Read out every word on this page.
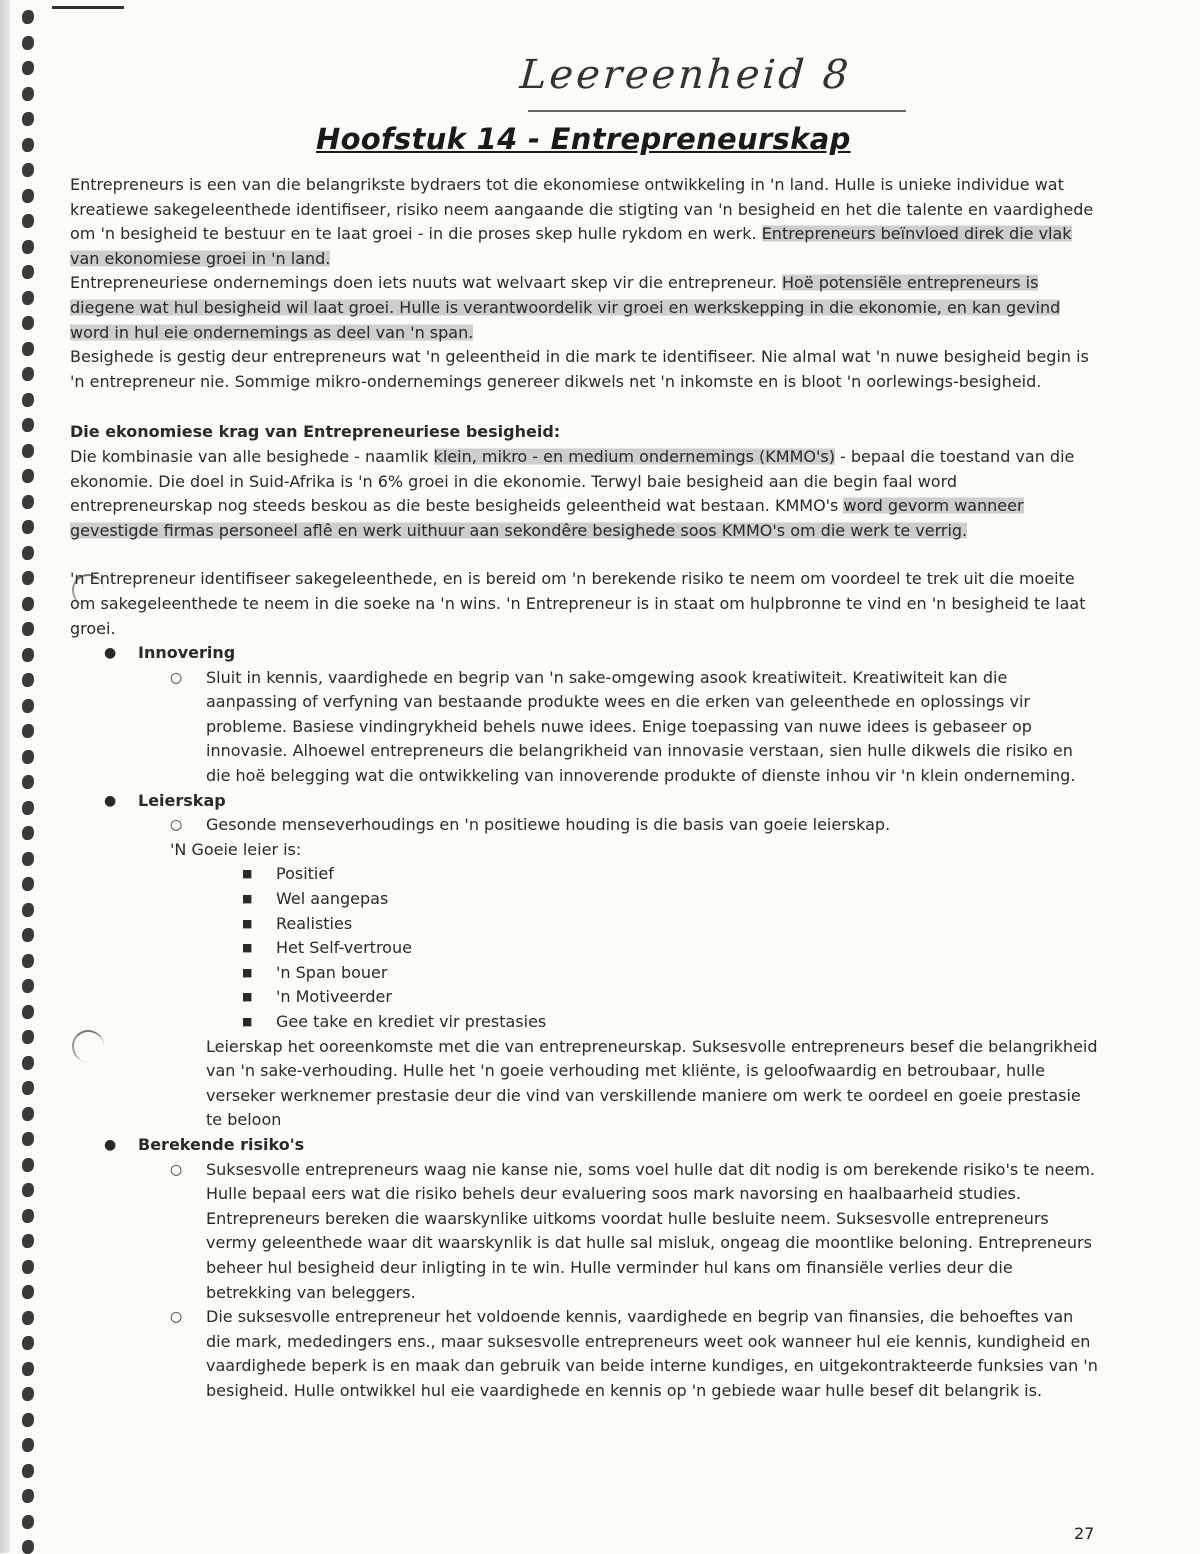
Leereenheid 8
Hoofstuk 14 - Entrepreneurskap

Entrepreneurs is een van die belangrikste bydraers tot die ekonomiese ontwikkeling in 'n land. Hulle is unieke individue wat kreatiewe sakegeleenthede identifiseer, risiko neem aangaande die stigting van 'n besigheid en het die talente en vaardighede om 'n besigheid te bestuur en te laat groei - in die proses skep hulle rykdom en werk. Entrepreneurs beïnvloed direk die vlak van ekonomiese groei in 'n land.

Entrepreneuriese ondernemings doen iets nuuts wat welvaart skep vir die entrepreneur. Hoë potensiële entrepreneurs is diegene wat hul besigheid wil laat groei. Hulle is verantwoordelik vir groei en werkskepping in die ekonomie, en kan gevind word in hul eie ondernemings as deel van 'n span.

Besighede is gestig deur entrepreneurs wat 'n geleentheid in die mark te identifiseer. Nie almal wat 'n nuwe besigheid begin is 'n entrepreneur nie. Sommige mikro-ondernemings genereer dikwels net 'n inkomste en is bloot 'n oorlewings-besigheid.

Die ekonomiese krag van Entrepreneuriese besigheid:

Die kombinasie van alle besighede - naamlik klein, mikro - en medium ondernemings (KMMO's) - bepaal die toestand van die ekonomie. Die doel in Suid-Afrika is 'n 6% groei in die ekonomie. Terwyl baie besigheid aan die begin faal word entrepreneurskap nog steeds beskou as die beste besigheids geleentheid wat bestaan. KMMO's word gevorm wanneer gevestigde firmas personeel aflê en werk uithuur aan sekondêre besighede soos KMMO's om die werk te verrig.

'n Entrepreneur identifiseer sakegeleenthede, en is bereid om 'n berekende risiko te neem om voordeel te trek uit die moeite om sakegeleenthede te neem in die soeke na 'n wins. 'n Entrepreneur is in staat om hulpbronne te vind en 'n besigheid te laat groei.

● Innovering
○ Sluit in kennis, vaardighede en begrip van 'n sake-omgewing asook kreatiwiteit. Kreatiwiteit kan die aanpassing of verfyning van bestaande produkte wees en die erken van geleenthede en oplossings vir probleme. Basiese vindingrykheid behels nuwe idees. Enige toepassing van nuwe idees is gebaseer op innovasie. Alhoewel entrepreneurs die belangrikheid van innovasie verstaan, sien hulle dikwels die risiko en die hoë belegging wat die ontwikkeling van innoverende produkte of dienste inhou vir 'n klein onderneming.
● Leierskap
○ Gesonde menseverhoudings en 'n positiewe houding is die basis van goeie leierskap.

'N Goeie leier is:

■ Positief
■ Wel aangepas
■ Realisties
■ Het Self-vertroue
■ 'n Span bouer
■ 'n Motiveerder
■ Gee take en krediet vir prestasies

Leierskap het ooreenkomste met die van entrepreneurskap. Suksesvolle entrepreneurs besef die belangrikheid van 'n sake-verhouding. Hulle het 'n goeie verhouding met kliënte, is geloofwaardig en betroubaar, hulle verseker werknemer prestasie deur die vind van verskillende maniere om werk te oordeel en goeie prestasie te beloon

● Berekende risiko's
○ Suksesvolle entrepreneurs waag nie kanse nie, soms voel hulle dat dit nodig is om berekende risiko's te neem. Hulle bepaal eers wat die risiko behels deur evaluering soos mark navorsing en haalbaarheid studies. Entrepreneurs bereken die waarskynlike uitkoms voordat hulle besluite neem. Suksesvolle entrepreneurs vermy geleenthede waar dit waarskynlik is dat hulle sal misluk, ongeag die moontlike beloning. Entrepreneurs beheer hul besigheid deur inligting in te win. Hulle verminder hul kans om finansiële verlies deur die betrekking van beleggers.
○ Die suksesvolle entrepreneur het voldoende kennis, vaardighede en begrip van finansies, die behoeftes van die mark, mededingers ens., maar suksesvolle entrepreneurs weet ook wanneer hul eie kennis, kundigheid en vaardighede beperk is en maak dan gebruik van beide interne kundiges, en uitgekontrakteerde funksies van 'n besigheid. Hulle ontwikkel hul eie vaardighede en kennis op 'n gebiede waar hulle besef dit belangrik is.
27
